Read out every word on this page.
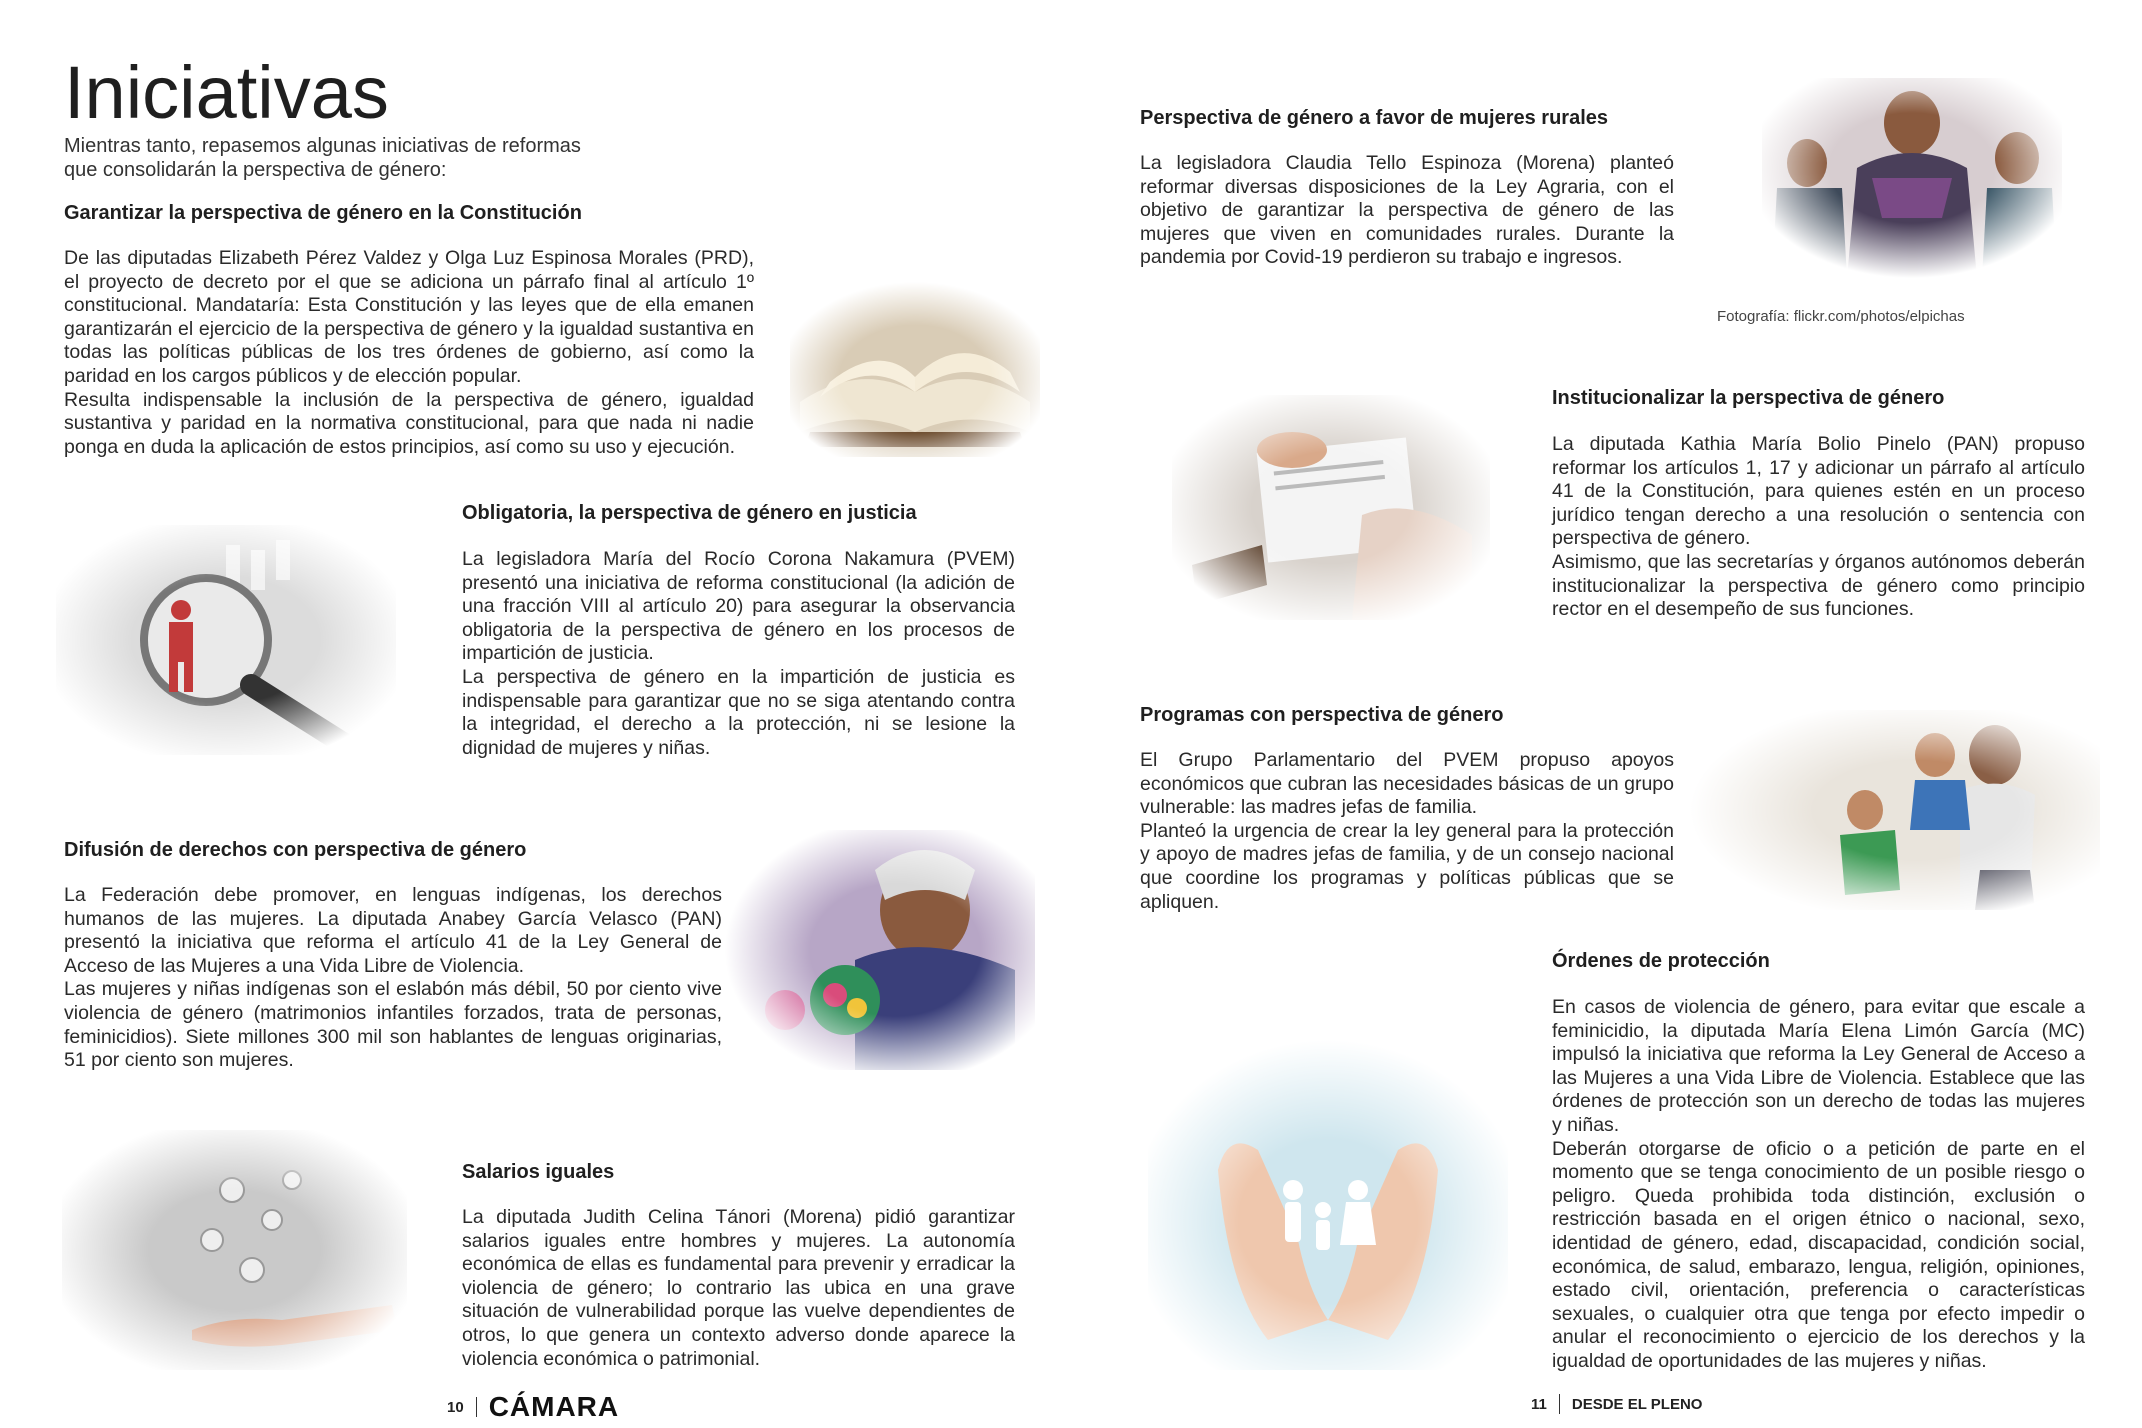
Iniciativas
Mientras tanto, repasemos algunas iniciativas de reformas
que consolidarán la perspectiva de género:
Garantizar la perspectiva de género en la Constitución
De las diputadas Elizabeth Pérez Valdez y Olga Luz Espinosa Morales (PRD), el proyecto de decreto por el que se adiciona un párrafo final al artículo 1º constitucional. Mandataría: Esta Constitución y las leyes que de ella emanen garantizarán el ejercicio de la perspectiva de género y la igualdad sustantiva en todas las políticas públicas de los tres órdenes de gobierno, así como la paridad en los cargos públicos y de elección popular.
Resulta indispensable la inclusión de la perspectiva de género, igualdad sustantiva y paridad en la normativa constitucional, para que nada ni nadie ponga en duda la aplicación de estos principios, así como su uso y ejecución.
Obligatoria, la perspectiva de género en justicia
La legisladora María del Rocío Corona Nakamura (PVEM) presentó una iniciativa de reforma constitucional (la adición de una fracción VIII al artículo 20) para asegurar la observancia obligatoria de la perspectiva de género en los procesos de impartición de justicia.
La perspectiva de género en la impartición de justicia es indispensable para garantizar que no se siga atentando contra la integridad, el derecho a la protección, ni se lesione la dignidad de mujeres y niñas.
Difusión de derechos con perspectiva de género
La Federación debe promover, en lenguas indígenas, los derechos humanos de las mujeres. La diputada Anabey García Velasco (PAN) presentó la iniciativa que reforma el artículo 41 de la Ley General de Acceso de las Mujeres a una Vida Libre de Violencia.
Las mujeres y niñas indígenas son el eslabón más débil, 50 por ciento vive violencia de género (matrimonios infantiles forzados, trata de personas, feminicidios). Siete millones 300 mil son hablantes de lenguas originarias, 51 por ciento son mujeres.
Salarios iguales
La diputada Judith Celina Tánori (Morena) pidió garantizar salarios iguales entre hombres y mujeres. La autonomía económica de ellas es fundamental para prevenir y erradicar la violencia de género; lo contrario las ubica en una grave situación de vulnerabilidad porque las vuelve dependientes de otros, lo que genera un contexto adverso donde aparece la violencia económica o patrimonial.
10 CÁMARA
Perspectiva de género a favor de mujeres rurales
La legisladora Claudia Tello Espinoza (Morena) planteó reformar diversas disposiciones de la Ley Agraria, con el objetivo de garantizar la perspectiva de género de las mujeres que viven en comunidades rurales. Durante la pandemia por Covid-19 perdieron su trabajo e ingresos.
Fotografía: flickr.com/photos/elpichas
Institucionalizar la perspectiva de género
La diputada Kathia María Bolio Pinelo (PAN) propuso reformar los artículos 1, 17 y adicionar un párrafo al artículo 41 de la Constitución, para quienes estén en un proceso jurídico tengan derecho a una resolución o sentencia con perspectiva de género.
Asimismo, que las secretarías y órganos autónomos deberán institucionalizar la perspectiva de género como principio rector en el desempeño de sus funciones.
Programas con perspectiva de género
El Grupo Parlamentario del PVEM propuso apoyos económicos que cubran las necesidades básicas de un grupo vulnerable: las madres jefas de familia.
Planteó la urgencia de crear la ley general para la protección y apoyo de madres jefas de familia, y de un consejo nacional que coordine los programas y políticas públicas que se apliquen.
Órdenes de protección
En casos de violencia de género, para evitar que escale a feminicidio, la diputada María Elena Limón García (MC) impulsó la iniciativa que reforma la Ley General de Acceso a las Mujeres a una Vida Libre de Violencia. Establece que las órdenes de protección son un derecho de todas las mujeres y niñas.
Deberán otorgarse de oficio o a petición de parte en el momento que se tenga conocimiento de un posible riesgo o peligro. Queda prohibida toda distinción, exclusión o restricción basada en el origen étnico o nacional, sexo, identidad de género, edad, discapacidad, condición social, económica, de salud, embarazo, lengua, religión, opiniones, estado civil, orientación, preferencia o características sexuales, o cualquier otra que tenga por efecto impedir o anular el reconocimiento o ejercicio de los derechos y la igualdad de oportunidades de las mujeres y niñas.
11 DESDE EL PLENO
